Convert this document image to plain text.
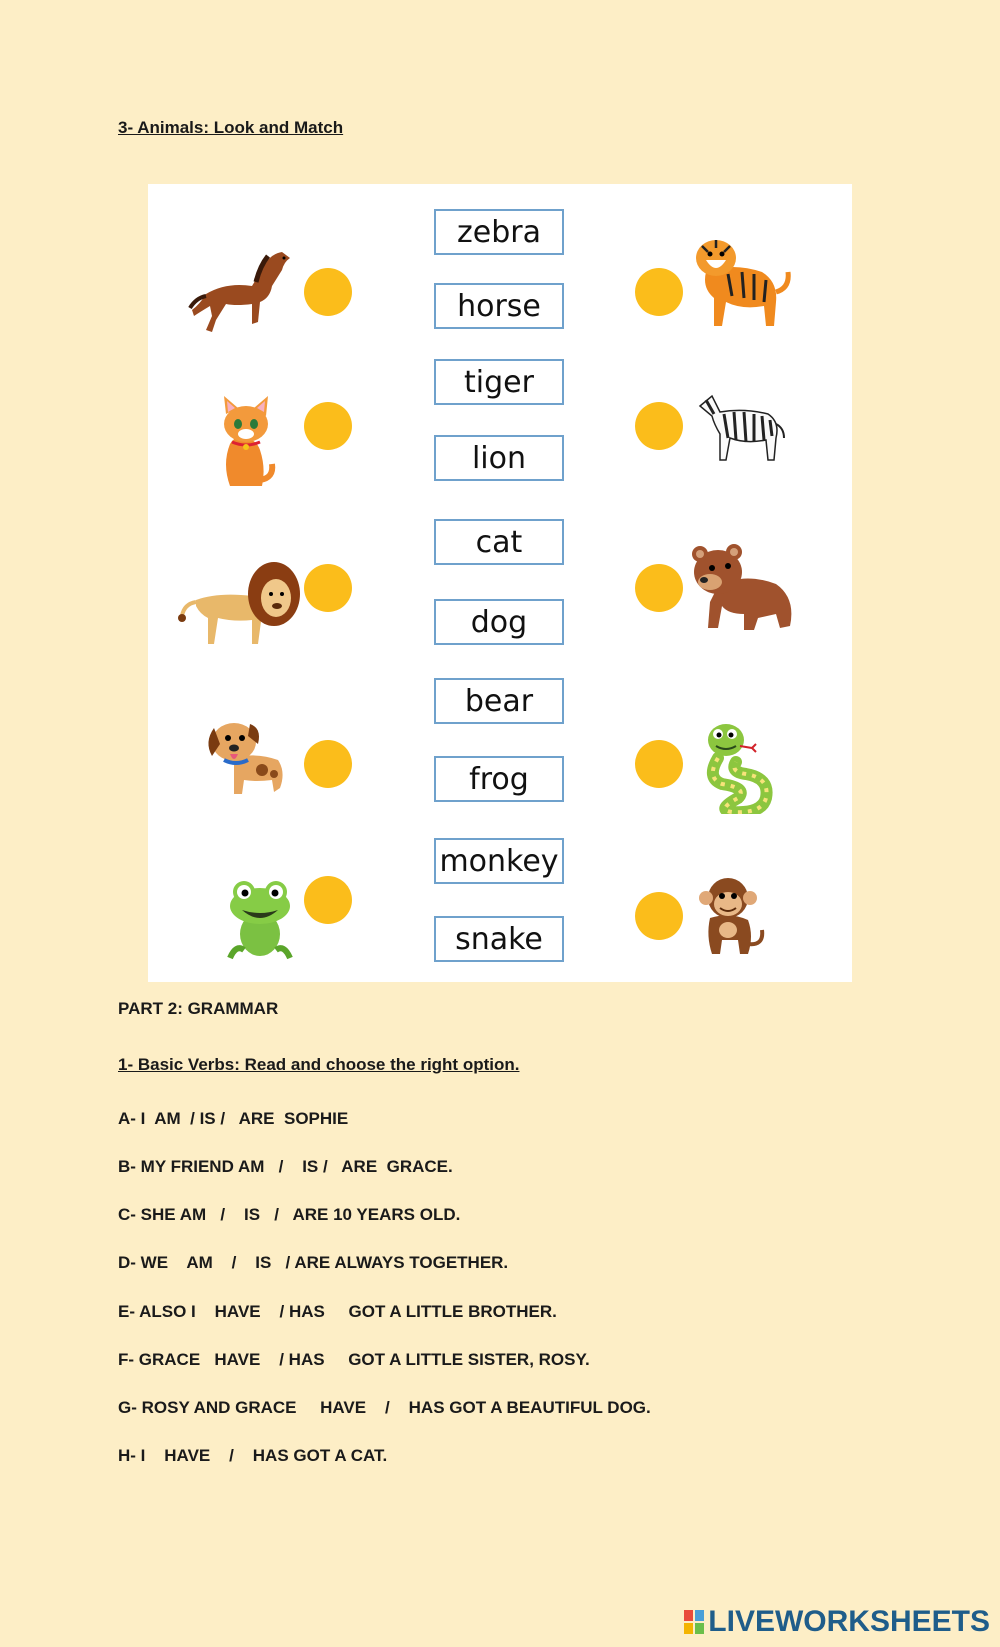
3- Animals: Look and Match
zebra
horse
tiger
lion
cat
dog
bear
frog
monkey
snake
PART 2: GRAMMAR
1- Basic Verbs: Read and choose the right option.
A- I  AM  / IS /   ARE  SOPHIE
B- MY FRIEND AM   /    IS /   ARE  GRACE.
C- SHE AM   /    IS   /   ARE 10 YEARS OLD.
D- WE    AM    /    IS   / ARE ALWAYS TOGETHER.
E- ALSO I    HAVE    / HAS     GOT A LITTLE BROTHER.
F- GRACE   HAVE    / HAS     GOT A LITTLE SISTER, ROSY.
G- ROSY AND GRACE     HAVE    /    HAS GOT A BEAUTIFUL DOG.
H- I    HAVE    /    HAS GOT A CAT.
LIVEWORKSHEETS
